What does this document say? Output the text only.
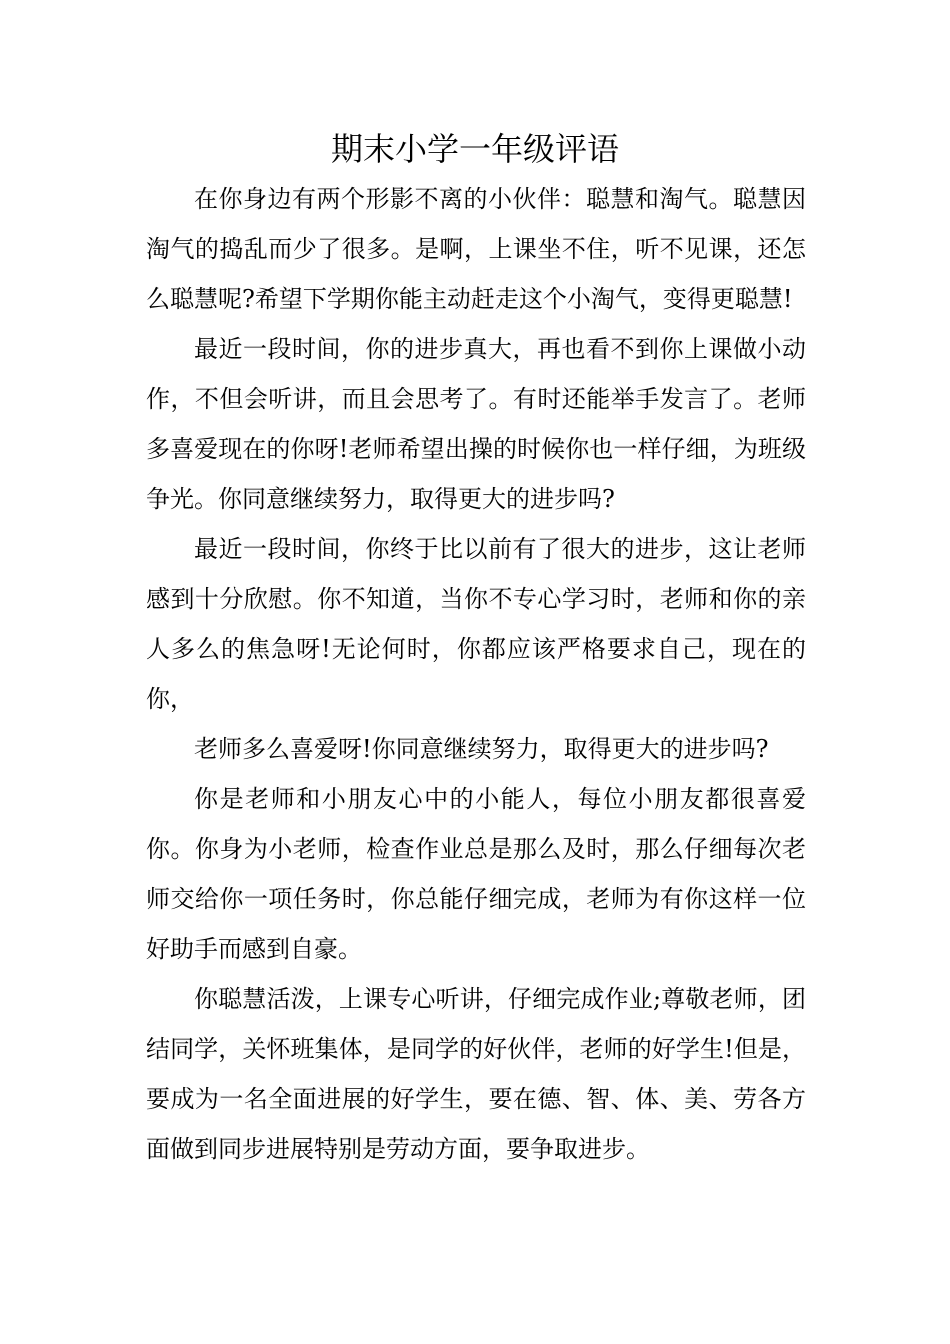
期末小学一年级评语

在你身边有两个形影不离的小伙伴：聪慧和淘气。聪慧因淘气的捣乱而少了很多。是啊，上课坐不住，听不见课，还怎么聪慧呢?希望下学期你能主动赶走这个小淘气，变得更聪慧!

最近一段时间，你的进步真大，再也看不到你上课做小动作，不但会听讲，而且会思考了。有时还能举手发言了。老师多喜爱现在的你呀!老师希望出操的时候你也一样仔细，为班级争光。你同意继续努力，取得更大的进步吗?

最近一段时间，你终于比以前有了很大的进步，这让老师感到十分欣慰。你不知道，当你不专心学习时，老师和你的亲人多么的焦急呀!无论何时，你都应该严格要求自己，现在的你，

老师多么喜爱呀!你同意继续努力，取得更大的进步吗?

你是老师和小朋友心中的小能人，每位小朋友都很喜爱你。你身为小老师，检查作业总是那么及时，那么仔细每次老师交给你一项任务时，你总能仔细完成，老师为有你这样一位好助手而感到自豪。

你聪慧活泼，上课专心听讲，仔细完成作业;尊敬老师，团结同学，关怀班集体，是同学的好伙伴，老师的好学生!但是，要成为一名全面进展的好学生，要在德、智、体、美、劳各方面做到同步进展特别是劳动方面，要争取进步。
